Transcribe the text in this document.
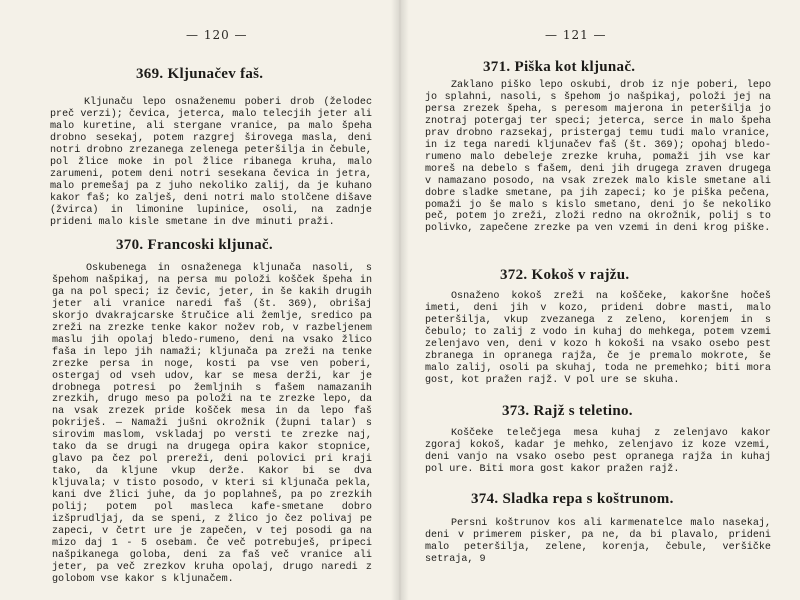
— 120 —
369. Kljunačev faš.
Kljunaču lepo osnaženemu poberi drob (želodec preč verzi); čevica, jeterca, malo telecjih jeter ali malo kuretine, ali stergane vranice, pa malo špeha drobno sesekaj, potem razgrej širovega masla, deni notri drobno zrezanega zelenega peteršilja in čebule, pol žlice moke in pol žlice ribanega kruha, malo zarumeni, potem deni notri sesekana čevica in jetra, malo premešaj pa z juho nekoliko zalij, da je kuhano kakor faš; ko zalješ, deni notri malo stolčene dišave (žvirca) in limonine lupinice, osoli, na zadnje prideni malo kisle smetane in dve minuti praži.
370. Francoski kljunač.
Oskubenega in osnaženega kljunača nasoli, s špehom našpikaj, na persa mu položi košček špeha in ga na pol speci; iz čevic, jeter, in še kakih drugih jeter ali vranice naredi faš (št. 369), obrišaj skorjo dvakrajcarske štručice ali žemlje, sredico pa zreži na zrezke tenke kakor nožev rob, v razbeljenem maslu jih opolaj bledo-rumeno, deni na vsako žlico faša in lepo jih namaži; kljunača pa zreži na tenke zrezke persa in noge, kosti pa vse ven poberi, ostergaj od vseh udov, kar se mesa derži, kar je drobnega potresi po žemljnih s fašem namazanih zrezkih, drugo meso pa položi na te zrezke lepo, da na vsak zrezek pride košček mesa in da lepo faš pokriješ. — Namaži jušni okrožnik (župni talar) s sirovim maslom, vskladaj po versti te zrezke naj, tako da se drugi na drugega opira kakor stopnice, glavo pa čez pol prereži, deni polovici pri kraji tako, da kljune vkup derže. Kakor bi se dva kljuvala; v tisto posodo, v kteri si kljunača pekla, kani dve žlici juhe, da jo poplahneš, pa po zrezkih polij; potem pol masleca kafe-smetane dobro izšprudljaj, da se speni, z žlico jo čez polivaj pe zapeci, v četrt ure je zapečen, v tej posodi ga na mizo daj 1 - 5 osebam. Če več potrebuješ, pripeci našpikanega goloba, deni za faš več vranice ali jeter, pa več zrezkov kruha opolaj, drugo naredi z golobom vse kakor s kljunačem.
— 121 —
371. Piška kot kljunač.
Zaklano piško lepo oskubi, drob iz nje poberi, lepo jo splahni, nasoli, s špehom jo našpikaj, položi jej na persa zrezek špeha, s peresom majerona in peteršilja jo znotraj potergaj ter speci; jeterca, serce in malo špeha prav drobno razsekaj, pristergaj temu tudi malo vranice, in iz tega naredi kljunačev faš (št. 369); opohaj bledo-rumeno malo debeleje zrezke kruha, pomaži jih vse kar moreš na debelo s fašem, deni jih drugega zraven drugega v namazano posodo, na vsak zrezek malo kisle smetane ali dobre sladke smetane, pa jih zapeci; ko je piška pečena, pomaži jo še malo s kislo smetano, deni jo še nekoliko peč, potem jo zreži, zloži redno na okrožnik, polij s to polivko, zapečene zrezke pa ven vzemi in deni krog piške.
372. Kokoš v rajžu.
Osnaženo kokoš zreži na koščeke, kakoršne hočeš imeti, deni jih v kozo, prideni dobre masti, malo peteršilja, vkup zvezanega z zeleno, korenjem in s čebulo; to zalij z vodo in kuhaj do mehkega, potem vzemi zelenjavo ven, deni v kozo h kokoši na vsako osebo pest zbranega in opranega rajža, če je premalo mokrote, še malo zalij, osoli pa skuhaj, toda ne premehko; biti mora gost, kot pražen rajž. V pol ure se skuha.
373. Rajž s teletino.
Koščeke telečjega mesa kuhaj z zelenjavo kakor zgoraj kokoš, kadar je mehko, zelenjavo iz koze vzemi, deni vanjo na vsako osebo pest opranega rajža in kuhaj pol ure. Biti mora gost kakor pražen rajž.
374. Sladka repa s koštrunom.
Persni koštrunov kos ali karmenatelce malo nasekaj, deni v primerem pisker, pa ne, da bi plavalo, prideni malo peteršilja, zelene, korenja, čebule, veršičke setraja, 9
